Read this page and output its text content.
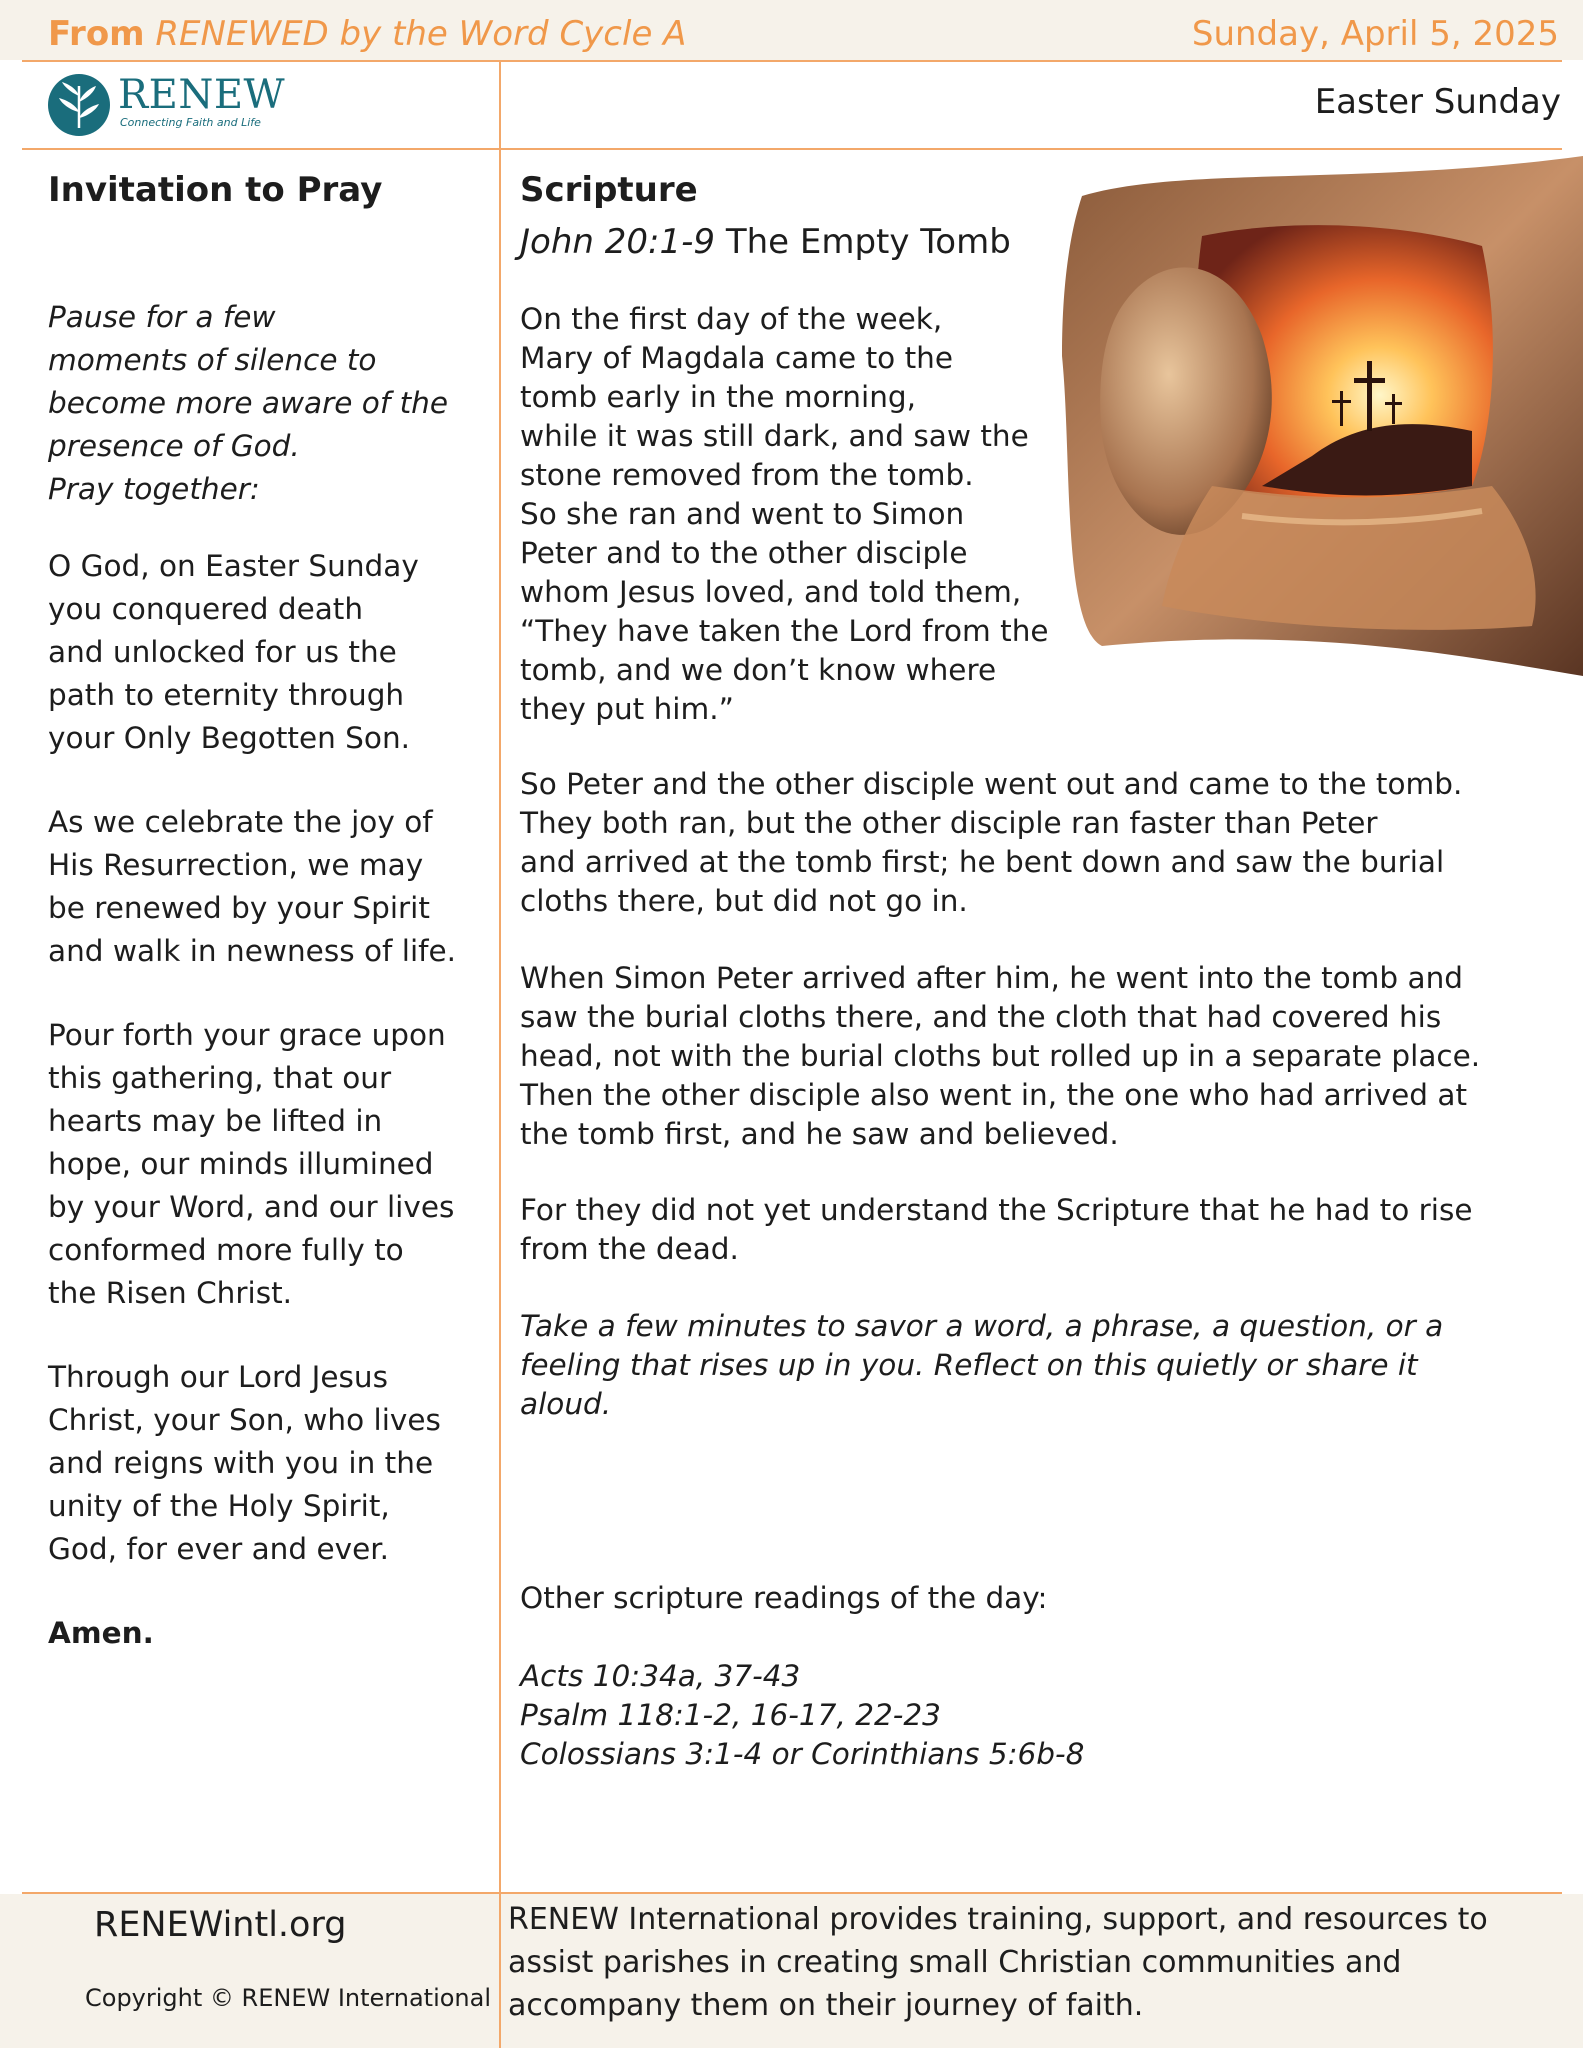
From RENEWED by the Word Cycle A	Sunday, April 5, 2025
RENEW
Connecting Faith and Life
Easter Sunday
Invitation to Pray

Pause for a few

moments of silence to

become more aware of the

presence of God.

Pray together:

O God, on Easter Sunday

you conquered death

and unlocked for us the

path to eternity through

your Only Begotten Son.

As we celebrate the joy of

His Resurrection, we may

be renewed by your Spirit

and walk in newness of life.

Pour forth your grace upon

this gathering, that our

hearts may be lifted in

hope, our minds illumined

by your Word, and our lives

conformed more fully to

the Risen Christ.

Through our Lord Jesus

Christ, your Son, who lives

and reigns with you in the

unity of the Holy Spirit,

God, for ever and ever.

Amen.
Scripture
John 20:1-9 The Empty Tomb

On the first day of the week,

Mary of Magdala came to the

tomb early in the morning,

while it was still dark, and saw the

stone removed from the tomb.

So she ran and went to Simon

Peter and to the other disciple

whom Jesus loved, and told them,

“They have taken the Lord from the

tomb, and we don’t know where

they put him.”

So Peter and the other disciple went out and came to the tomb.

They both ran, but the other disciple ran faster than Peter

and arrived at the tomb first; he bent down and saw the burial

cloths there, but did not go in.

When Simon Peter arrived after him, he went into the tomb and

saw the burial cloths there, and the cloth that had covered his

head, not with the burial cloths but rolled up in a separate place.

Then the other disciple also went in, the one who had arrived at

the tomb first, and he saw and believed.

For they did not yet understand the Scripture that he had to rise

from the dead.

Take a few minutes to savor a word, a phrase, a question, or a

feeling that rises up in you. Reflect on this quietly or share it

aloud.

Other scripture readings of the day:

Acts 10:34a, 37-43

Psalm 118:1-2, 16-17, 22-23

Colossians 3:1-4 or Corinthians 5:6b-8

RENEWintl.org
Copyright © RENEW International
RENEW International provides training, support, and resources to
assist parishes in creating small Christian communities and
accompany them on their journey of faith.
